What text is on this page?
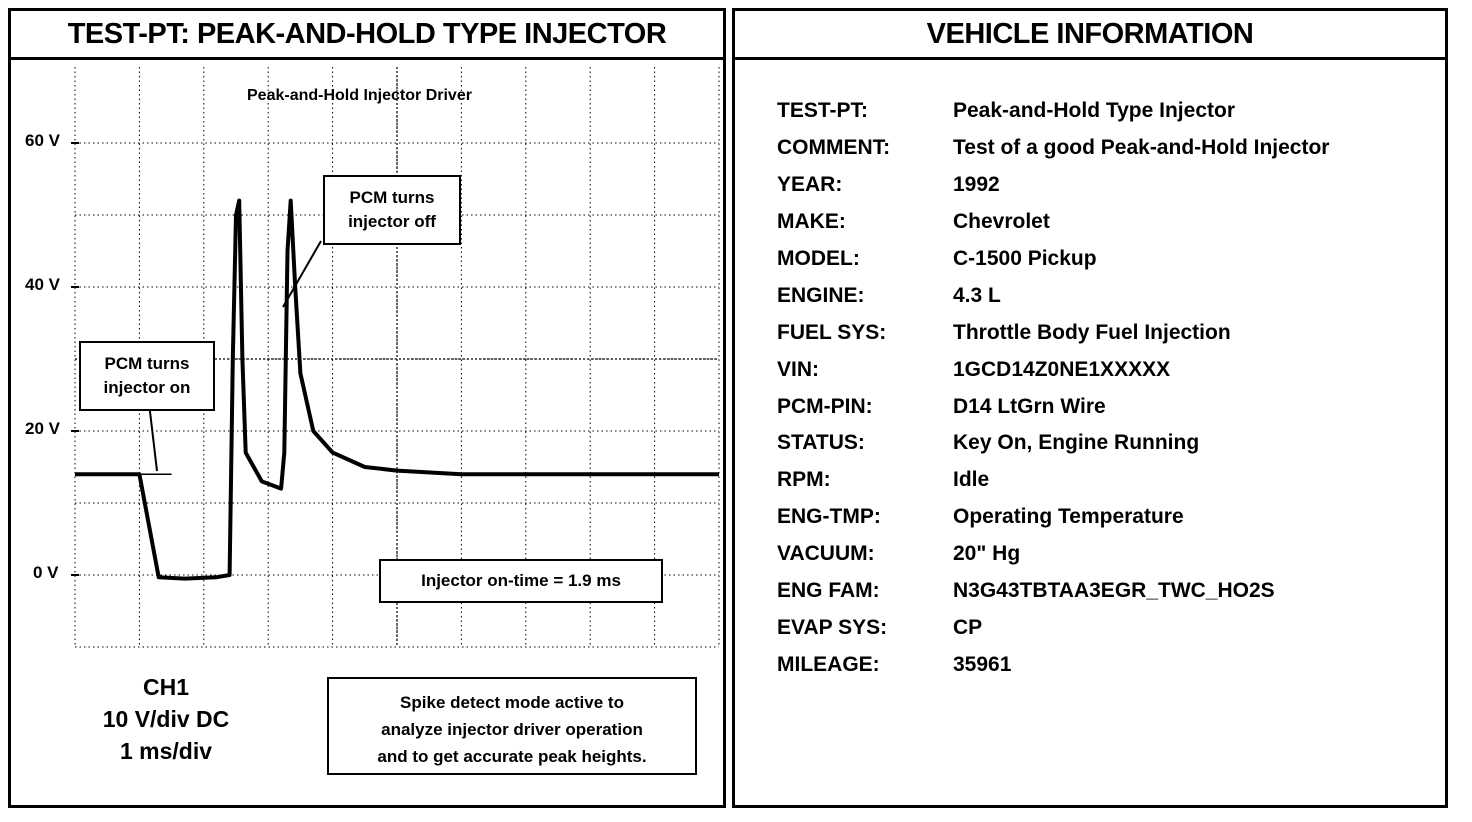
TEST-PT: PEAK-AND-HOLD TYPE INJECTOR
60 V
40 V
20 V
0 V
Peak-and-Hold Injector Driver
PCM turns
injector on
PCM turns
injector off
Injector on-time = 1.9 ms
CH1
10 V/div DC
1 ms/div
Spike detect mode active to
analyze injector driver operation
and to get accurate peak heights.
VEHICLE INFORMATION
TEST-PT:	Peak-and-Hold Type Injector
COMMENT:	Test of a good Peak-and-Hold Injector
YEAR:	1992
MAKE:	Chevrolet
MODEL:	C-1500 Pickup
ENGINE:	4.3 L
FUEL SYS:	Throttle Body Fuel Injection
VIN:	1GCD14Z0NE1XXXXX
PCM-PIN:	D14 LtGrn Wire
STATUS:	Key On, Engine Running
RPM:	Idle
ENG-TMP:	Operating Temperature
VACUUM:	20" Hg
ENG FAM:	N3G43TBTAA3EGR_TWC_HO2S
EVAP SYS:	CP
MILEAGE:	35961
